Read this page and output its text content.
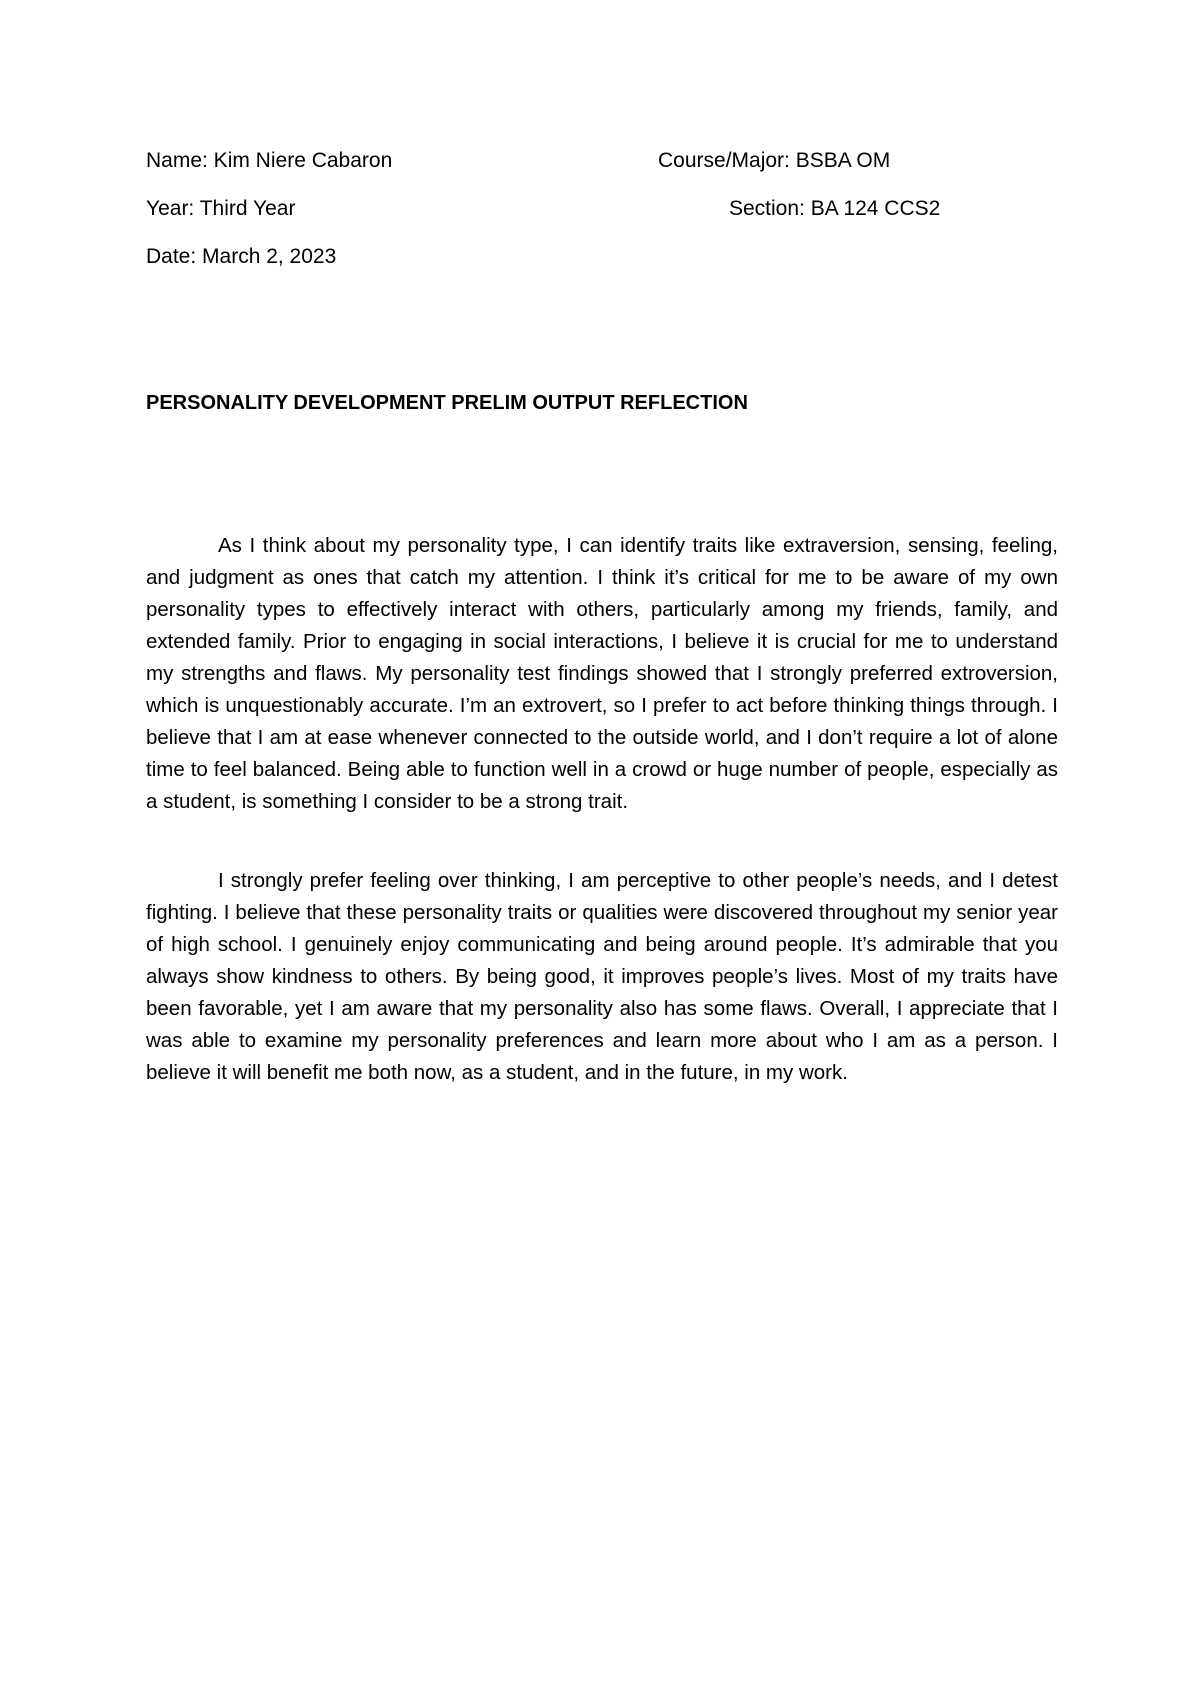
Name: Kim Niere Cabaron	Course/Major: BSBA OM
Year: Third Year	Section: BA 124 CCS2
Date: March 2, 2023
PERSONALITY DEVELOPMENT PRELIM OUTPUT REFLECTION

As I think about my personality type, I can identify traits like extraversion, sensing, feeling, and judgment as ones that catch my attention. I think it’s critical for me to be aware of my own personality types to effectively interact with others, particularly among my friends, family, and extended family. Prior to engaging in social interactions, I believe it is crucial for me to understand my strengths and flaws. My personality test findings showed that I strongly preferred extroversion, which is unquestionably accurate. I’m an extrovert, so I prefer to act before thinking things through. I believe that I am at ease whenever connected to the outside world, and I don’t require a lot of alone time to feel balanced. Being able to function well in a crowd or huge number of people, especially as a student, is something I consider to be a strong trait.

I strongly prefer feeling over thinking, I am perceptive to other people’s needs, and I detest fighting. I believe that these personality traits or qualities were discovered throughout my senior year of high school. I genuinely enjoy communicating and being around people. It’s admirable that you always show kindness to others. By being good, it improves people’s lives. Most of my traits have been favorable, yet I am aware that my personality also has some flaws. Overall, I appreciate that I was able to examine my personality preferences and learn more about who I am as a person. I believe it will benefit me both now, as a student, and in the future, in my work.
